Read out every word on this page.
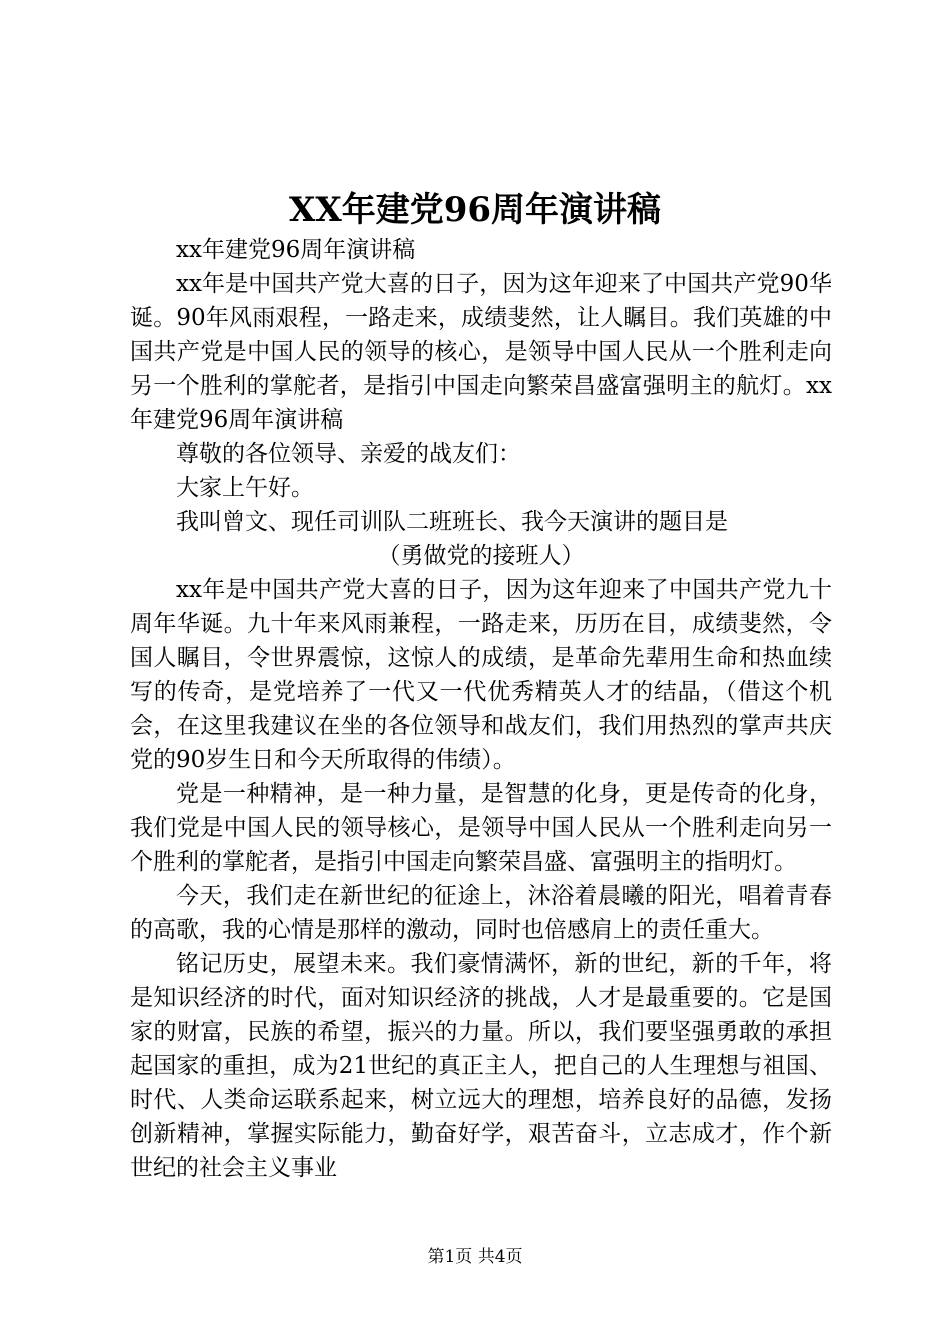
XX年建党96周年演讲稿

xx年建党96周年演讲稿

xx年是中国共产党大喜的日子，因为这年迎来了中国共产党90华诞。90年风雨艰程，一路走来，成绩斐然，让人瞩目。我们英雄的中国共产党是中国人民的领导的核心，是领导中国人民从一个胜利走向另一个胜利的掌舵者，是指引中国走向繁荣昌盛富强明主的航灯。xx年建党96周年演讲稿

尊敬的各位领导、亲爱的战友们：

大家上午好。

我叫曾文、现任司训队二班班长、我今天演讲的题目是

（勇做党的接班人）

xx年是中国共产党大喜的日子，因为这年迎来了中国共产党九十周年华诞。九十年来风雨兼程，一路走来，历历在目，成绩斐然，令国人瞩目，令世界震惊，这惊人的成绩，是革命先辈用生命和热血续写的传奇，是党培养了一代又一代优秀精英人才的结晶，（借这个机会，在这里我建议在坐的各位领导和战友们，我们用热烈的掌声共庆党的90岁生日和今天所取得的伟绩）。

党是一种精神，是一种力量，是智慧的化身，更是传奇的化身，我们党是中国人民的领导核心，是领导中国人民从一个胜利走向另一个胜利的掌舵者，是指引中国走向繁荣昌盛、富强明主的指明灯。

今天，我们走在新世纪的征途上，沐浴着晨曦的阳光，唱着青春的高歌，我的心情是那样的激动，同时也倍感肩上的责任重大。

铭记历史，展望未来。我们豪情满怀，新的世纪，新的千年，将是知识经济的时代，面对知识经济的挑战，人才是最重要的。它是国家的财富，民族的希望，振兴的力量。所以，我们要坚强勇敢的承担起国家的重担，成为21世纪的真正主人，把自己的人生理想与祖国、时代、人类命运联系起来，树立远大的理想，培养良好的品德，发扬创新精神，掌握实际能力，勤奋好学，艰苦奋斗，立志成才，作个新世纪的社会主义事业

第1页 共4页
